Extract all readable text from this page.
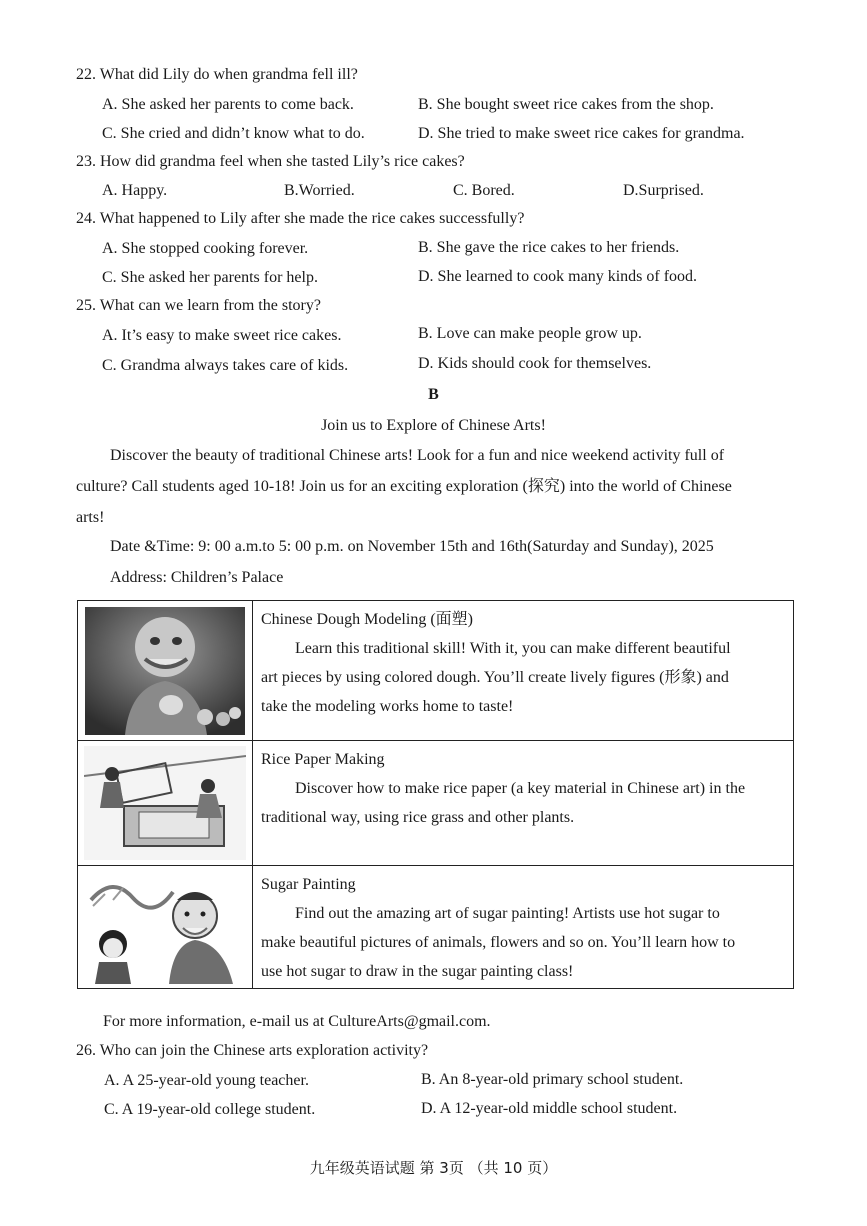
22. What did Lily do when grandma fell ill?
A. She asked her parents to come back.	B. She bought sweet rice cakes from the shop.
C. She cried and didn’t know what to do.	D. She tried to make sweet rice cakes for grandma.
23. How did grandma feel when she tasted Lily’s rice cakes?
A. Happy.	B.Worried.	C. Bored.	D.Surprised.
24. What happened to Lily after she made the rice cakes successfully?
A. She stopped cooking forever.	B. She gave the rice cakes to her friends.
C. She asked her parents for help.	D. She learned to cook many kinds of food.
25. What can we learn from the story?
A. It’s easy to make sweet rice cakes.	B. Love can make people grow up.
C. Grandma always takes care of kids.	D. Kids should cook for themselves.
B
Join us to Explore of Chinese Arts!
Discover the beauty of traditional Chinese arts! Look for a fun and nice weekend activity full of
culture? Call students aged 10-18! Join us for an exciting exploration (探究) into the world of Chinese
arts!
Date &Time: 9: 00 a.m.to 5: 00 p.m. on November 15th and 16th(Saturday and Sunday), 2025
Address: Children’s Palace
Chinese Dough Modeling (面塑)
Learn this traditional skill! With it, you can make different beautiful
art pieces by using colored dough. You’ll create lively figures (形象) and
take the modeling works home to taste!
Rice Paper Making
Discover how to make rice paper (a key material in Chinese art) in the
traditional way, using rice grass and other plants.
Sugar Painting
Find out the amazing art of sugar painting! Artists use hot sugar to
make beautiful pictures of animals, flowers and so on. You’ll learn how to
use hot sugar to draw in the sugar painting class!
For more information, e-mail us at CultureArts@gmail.com.
26. Who can join the Chinese arts exploration activity?
A. A 25-year-old young teacher.	B. An 8-year-old primary school student.
C. A 19-year-old college student.	D. A 12-year-old middle school student.
九年级英语试题 第 3页 （共 10 页）
